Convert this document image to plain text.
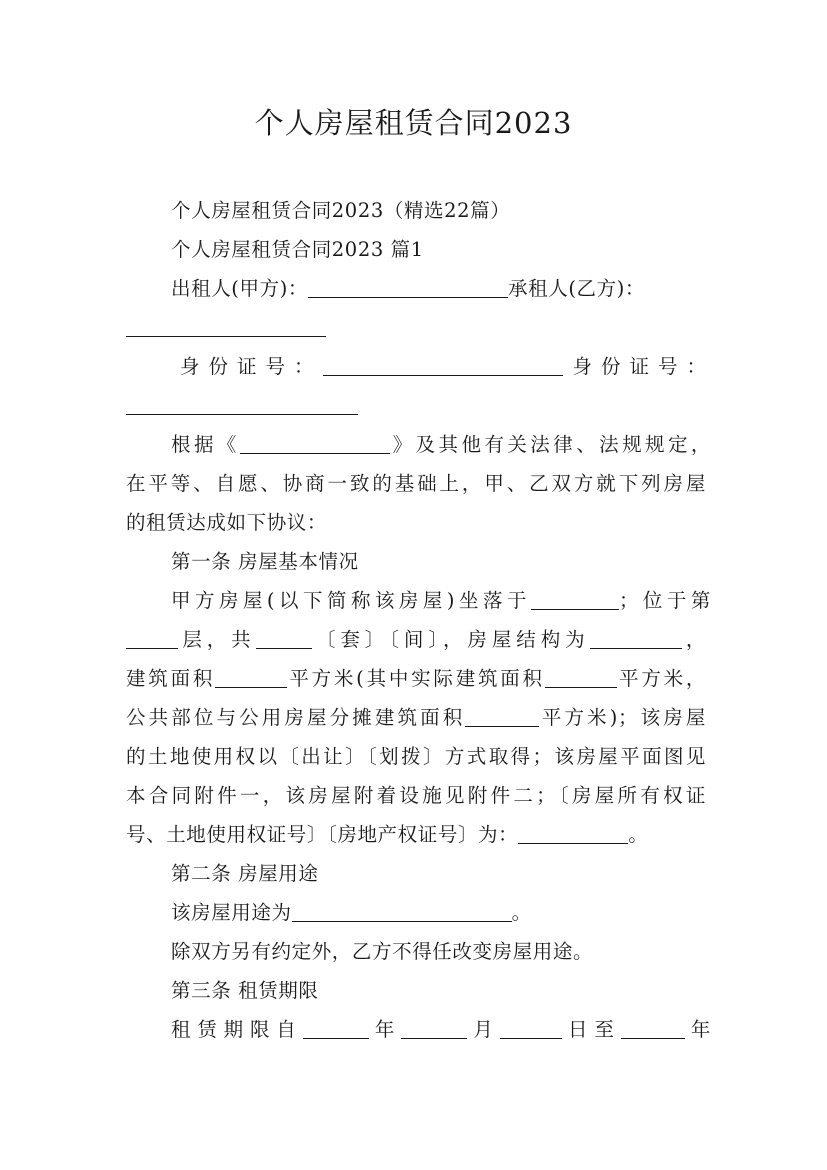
个人房屋租赁合同2023
个人房屋租赁合同2023（精选22篇）
个人房屋租赁合同2023 篇1
出租人(甲方)：	承租人(乙方)：
身份证号：	身份证号：
根据《	》及其他有关法律、法规规定，
在平等、自愿、协商一致的基础上，甲、乙双方就下列房屋
的租赁达成如下协议：
第一条 房屋基本情况
甲方房屋(以下简称该房屋)坐落于	；位于第
层，共	〔套〕〔间〕，房屋结构为	，
建筑面积	平方米(其中实际建筑面积	平方米，
公共部位与公用房屋分摊建筑面积	平方米)；该房屋
的土地使用权以〔出让〕〔划拨〕方式取得；该房屋平面图见
本合同附件一，该房屋附着设施见附件二；〔房屋所有权证
号、土地使用权证号〕〔房地产权证号〕为：	。
第二条 房屋用途
该房屋用途为	。
除双方另有约定外，乙方不得任改变房屋用途。
第三条 租赁期限
租赁期限自	年	月	日至	年
